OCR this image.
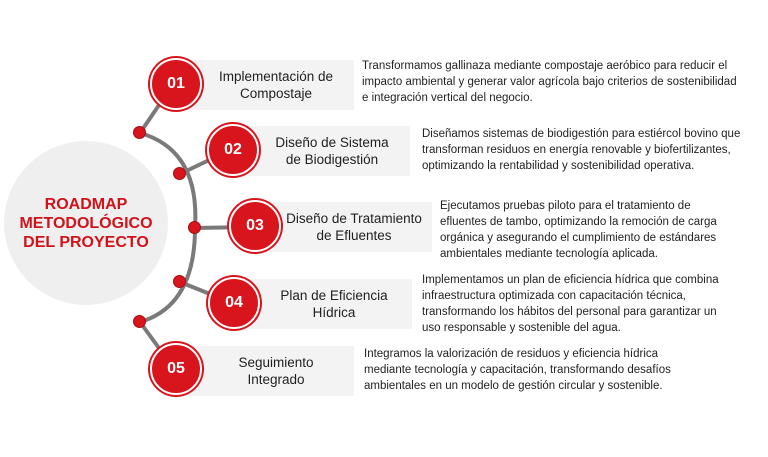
ROADMAP
METODOLÓGICO
DEL PROYECTO
Implementación de Compostaje
01
Transformamos gallinaza mediante compostaje aeróbico para reducir el impacto ambiental y generar valor agrícola bajo criterios de sostenibilidad e integración vertical del negocio.
Diseño de Sistema de Biodigestión
02
Diseñamos sistemas de biodigestión para estiércol bovino que transforman residuos en energía renovable y biofertilizantes, optimizando la rentabilidad y sostenibilidad operativa.
Diseño de Tratamiento de Efluentes
03
Ejecutamos pruebas piloto para el tratamiento de efluentes de tambo, optimizando la remoción de carga orgánica y asegurando el cumplimiento de estándares ambientales mediante tecnología aplicada.
Plan de Eficiencia Hídrica
04
Implementamos un plan de eficiencia hídrica que combina infraestructura optimizada con capacitación técnica, transformando los hábitos del personal para garantizar un uso responsable y sostenible del agua.
Seguimiento Integrado
05
Integramos la valorización de residuos y eficiencia hídrica mediante tecnología y capacitación, transformando desafíos ambientales en un modelo de gestión circular y sostenible.
